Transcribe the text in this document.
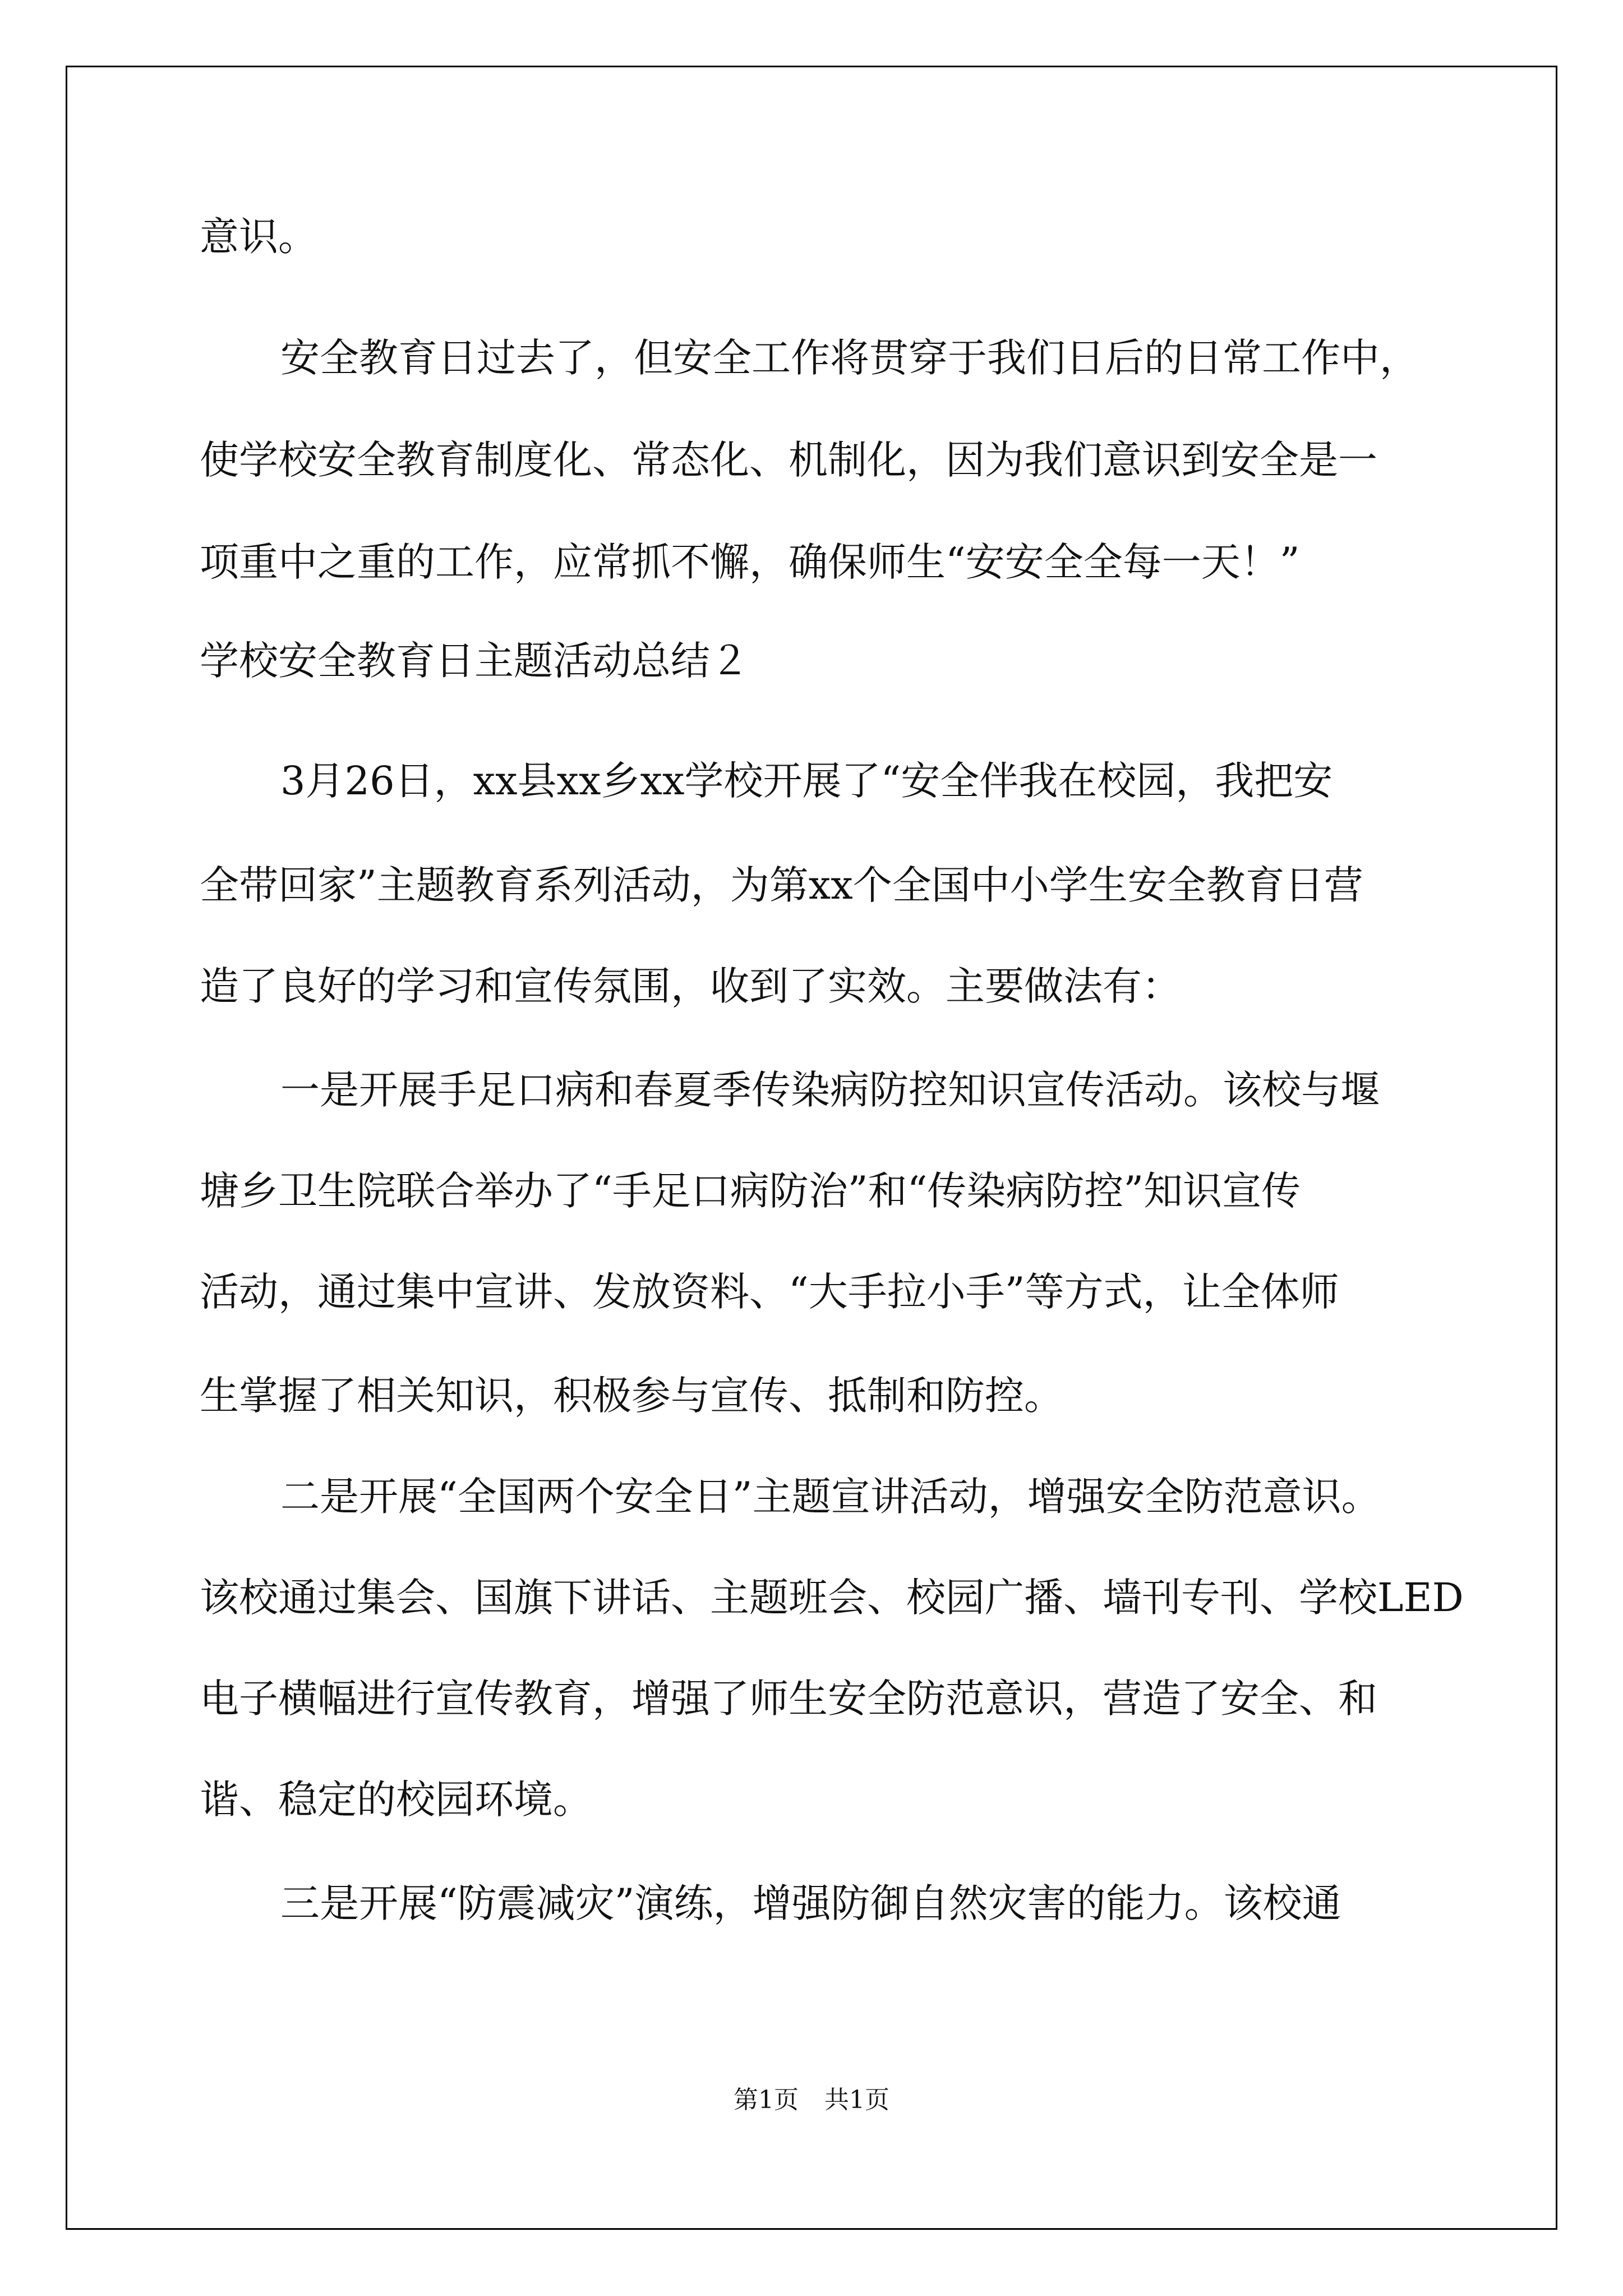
意识。
安全教育日过去了，但安全工作将贯穿于我们日后的日常工作中，
使学校安全教育制度化、常态化、机制化，因为我们意识到安全是一
项重中之重的工作，应常抓不懈，确保师生“安安全全每一天！”
学校安全教育日主题活动总结２
3月26日，xx县xx乡xx学校开展了“安全伴我在校园，我把安
全带回家”主题教育系列活动，为第xx个全国中小学生安全教育日营
造了良好的学习和宣传氛围，收到了实效。主要做法有：
一是开展手足口病和春夏季传染病防控知识宣传活动。该校与堰
塘乡卫生院联合举办了“手足口病防治”和“传染病防控”知识宣传
活动，通过集中宣讲、发放资料、“大手拉小手”等方式，让全体师
生掌握了相关知识，积极参与宣传、抵制和防控。
二是开展“全国两个安全日”主题宣讲活动，增强安全防范意识。
该校通过集会、国旗下讲话、主题班会、校园广播、墙刊专刊、学校LED
电子横幅进行宣传教育，增强了师生安全防范意识，营造了安全、和
谐、稳定的校园环境。
三是开展“防震减灾”演练，增强防御自然灾害的能力。该校通
第1页 共1页
